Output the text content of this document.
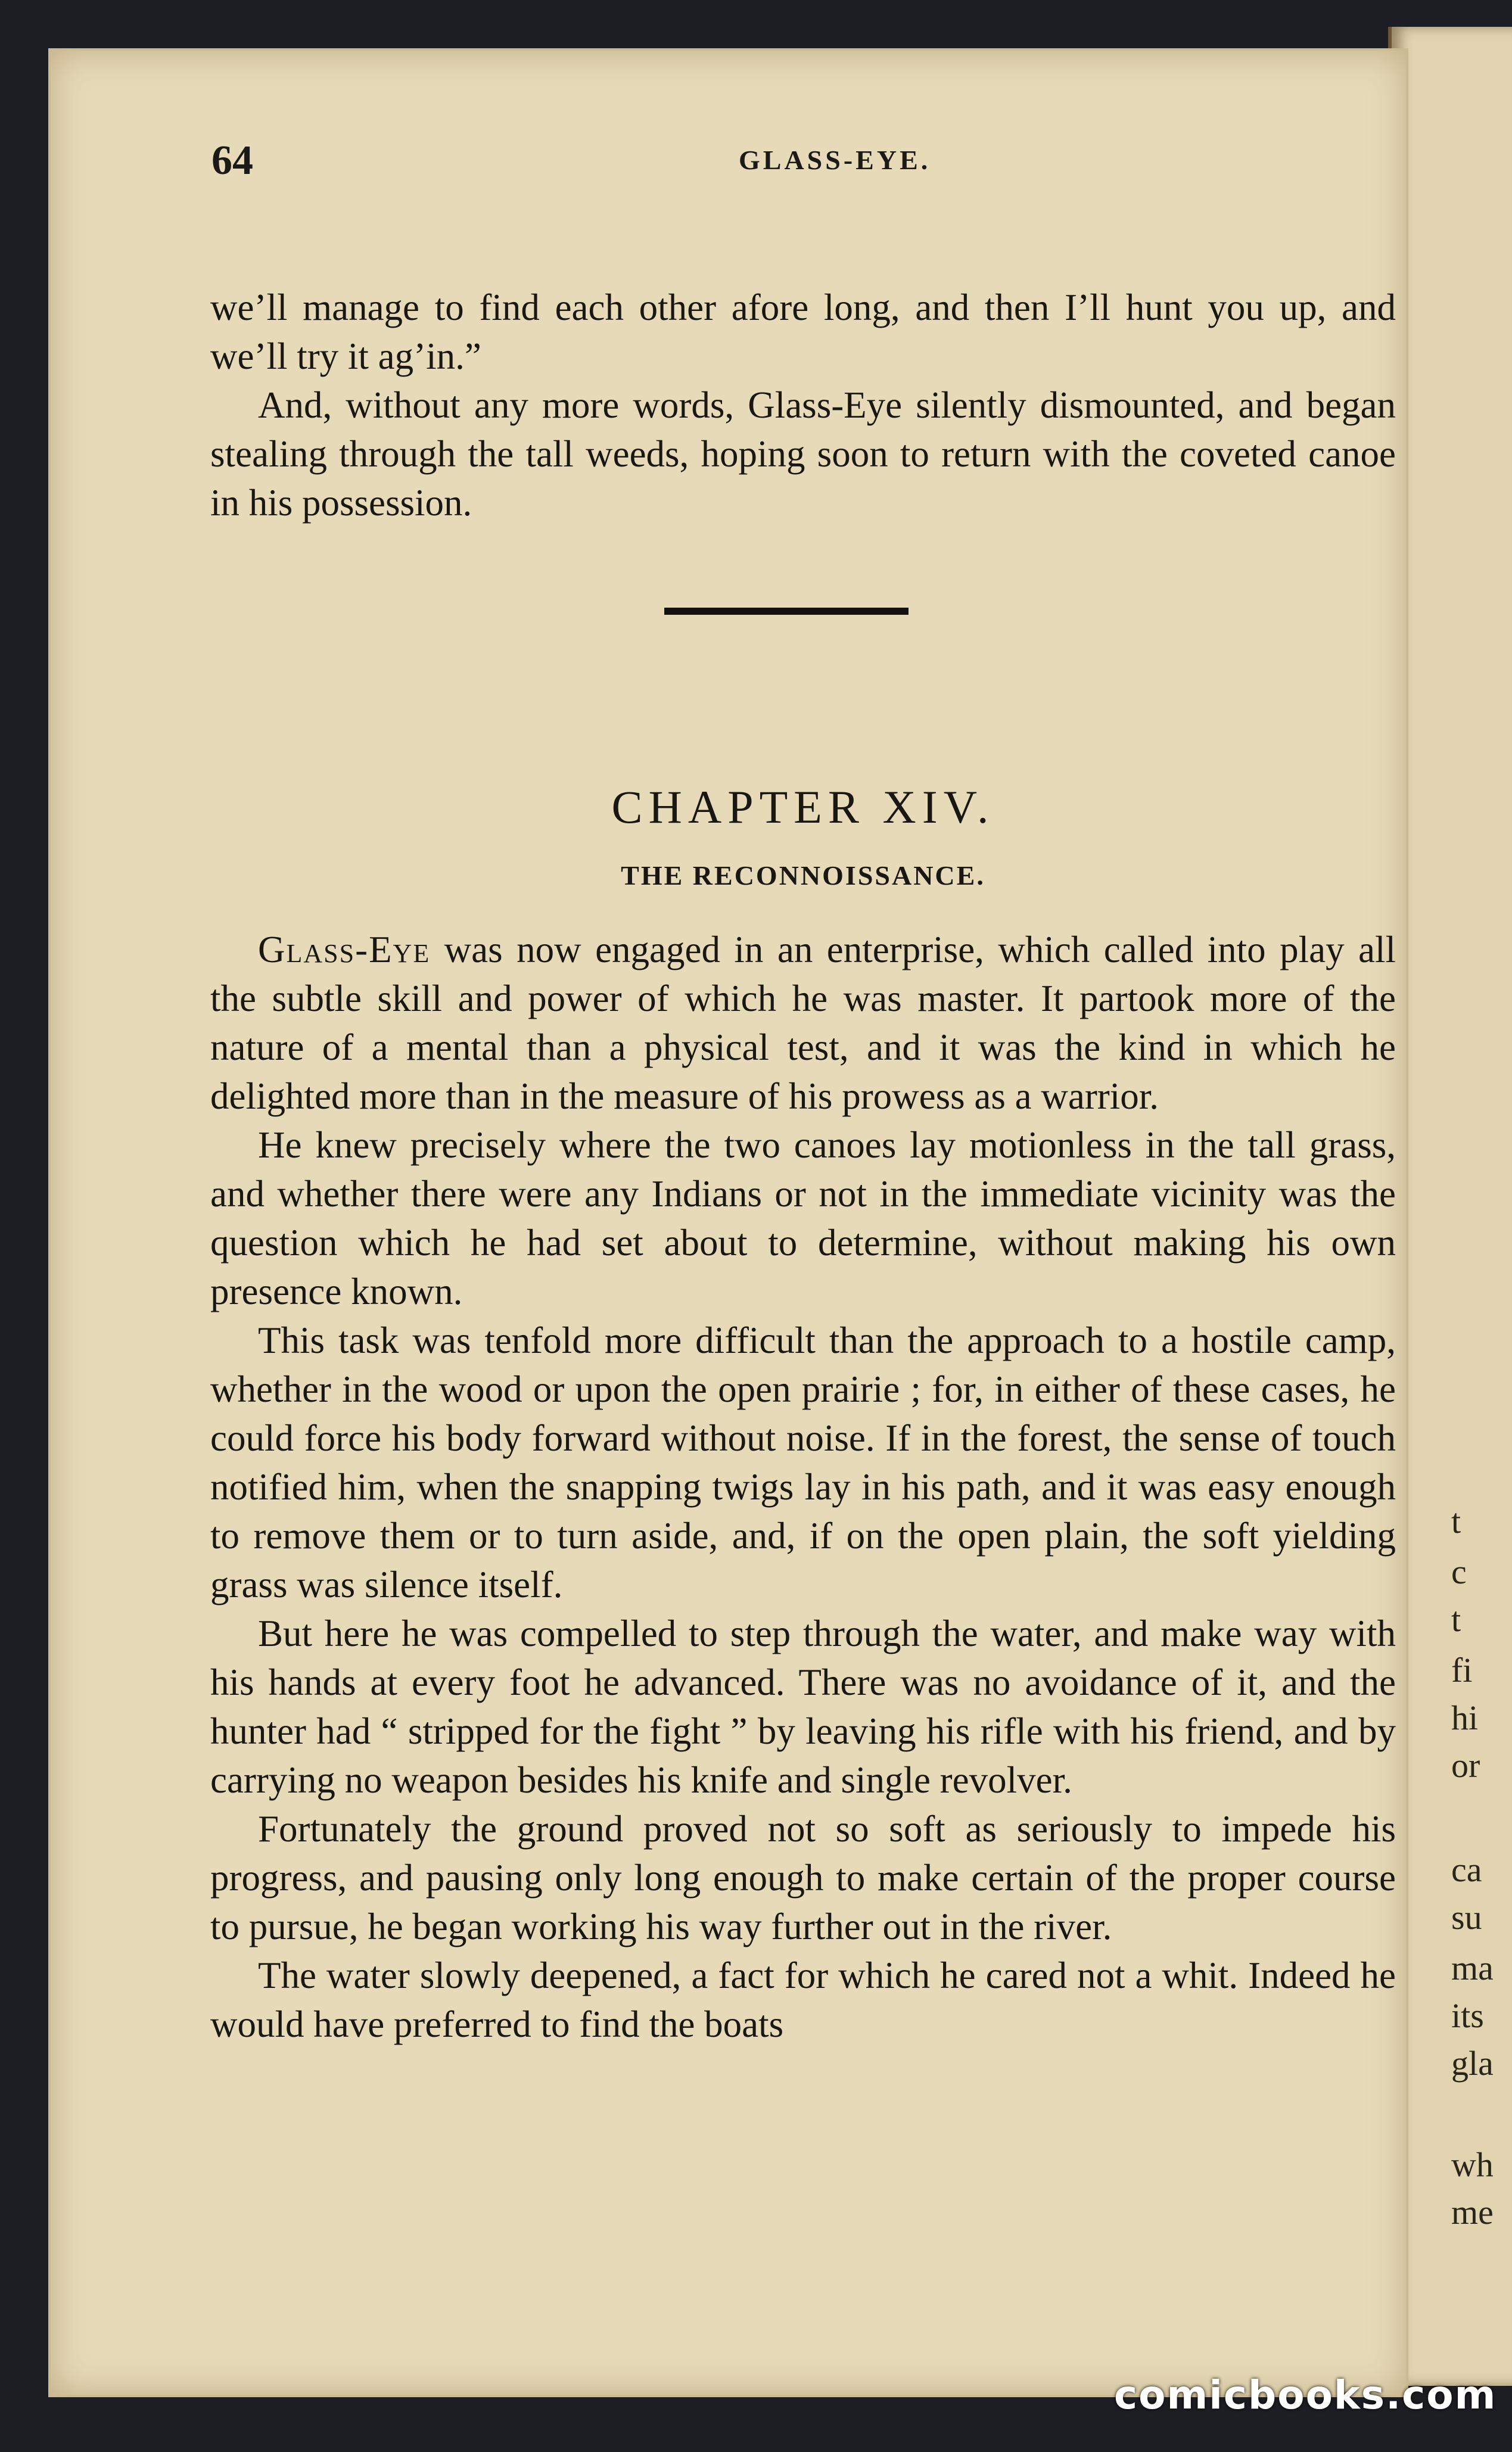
t
c
t
fi
hi
or
ca
su
ma
its
gla
wh
me
64	GLASS-EYE.

we’ll manage to find each other afore long, and then I’ll hunt you up, and we’ll try it ag’in.”

And, without any more words, Glass-Eye silently dismounted, and began stealing through the tall weeds, hoping soon to return with the coveted canoe in his possession.

CHAPTER XIV.
THE RECONNOISSANCE.

Glass-Eye was now engaged in an enterprise, which called into play all the subtle skill and power of which he was master. It partook more of the nature of a mental than a physical test, and it was the kind in which he delighted more than in the measure of his prowess as a warrior.

He knew precisely where the two canoes lay motionless in the tall grass, and whether there were any Indians or not in the immediate vicinity was the question which he had set about to determine, without making his own presence known.

This task was tenfold more difficult than the approach to a hostile camp, whether in the wood or upon the open prairie ; for, in either of these cases, he could force his body forward without noise. If in the forest, the sense of touch notified him, when the snapping twigs lay in his path, and it was easy enough to remove them or to turn aside, and, if on the open plain, the soft yielding grass was silence itself.

But here he was compelled to step through the water, and make way with his hands at every foot he advanced. There was no avoidance of it, and the hunter had “ stripped for the fight ” by leaving his rifle with his friend, and by carrying no weapon besides his knife and single revolver.

Fortunately the ground proved not so soft as seriously to impede his progress, and pausing only long enough to make certain of the proper course to pursue, he began working his way further out in the river.

The water slowly deepened, a fact for which he cared not a whit. Indeed he would have preferred to find the boats

comicbooks.com
